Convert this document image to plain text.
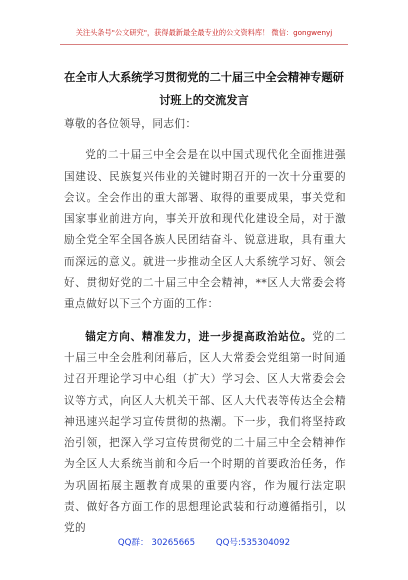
关注头条号"公文研究"，获得最新最全最专业的公文资料库！ 微信：gongwenyj
在全市人大系统学习贯彻党的二十届三中全会精神专题研
讨班上的交流发言

尊敬的各位领导，同志们：

党的二十届三中全会是在以中国式现代化全面推进强国建设、民族复兴伟业的关键时期召开的一次十分重要的会议。全会作出的重大部署、取得的重要成果，事关党和国家事业前进方向，事关开放和现代化建设全局，对于激励全党全军全国各族人民团结奋斗、锐意进取，具有重大而深远的意义。就进一步推动全区人大系统学习好、领会好、贯彻好党的二十届三中全会精神，**区人大常委会将重点做好以下三个方面的工作：

锚定方向、精准发力，进一步提高政治站位。党的二十届三中全会胜利闭幕后，区人大常委会党组第一时间通过召开理论学习中心组（扩大）学习会、区人大常委会会议等方式，向区人大机关干部、区人大代表等传达全会精神迅速兴起学习宣传贯彻的热潮。下一步，我们将坚持政治引领，把深入学习宣传贯彻党的二十届三中全会精神作为全区人大系统当前和今后一个时期的首要政治任务，作为巩固拓展主题教育成果的重要内容，作为履行法定职责、做好各方面工作的思想理论武装和行动遵循指引，以党的

QQ群： 30265665 QQ号:535304092
